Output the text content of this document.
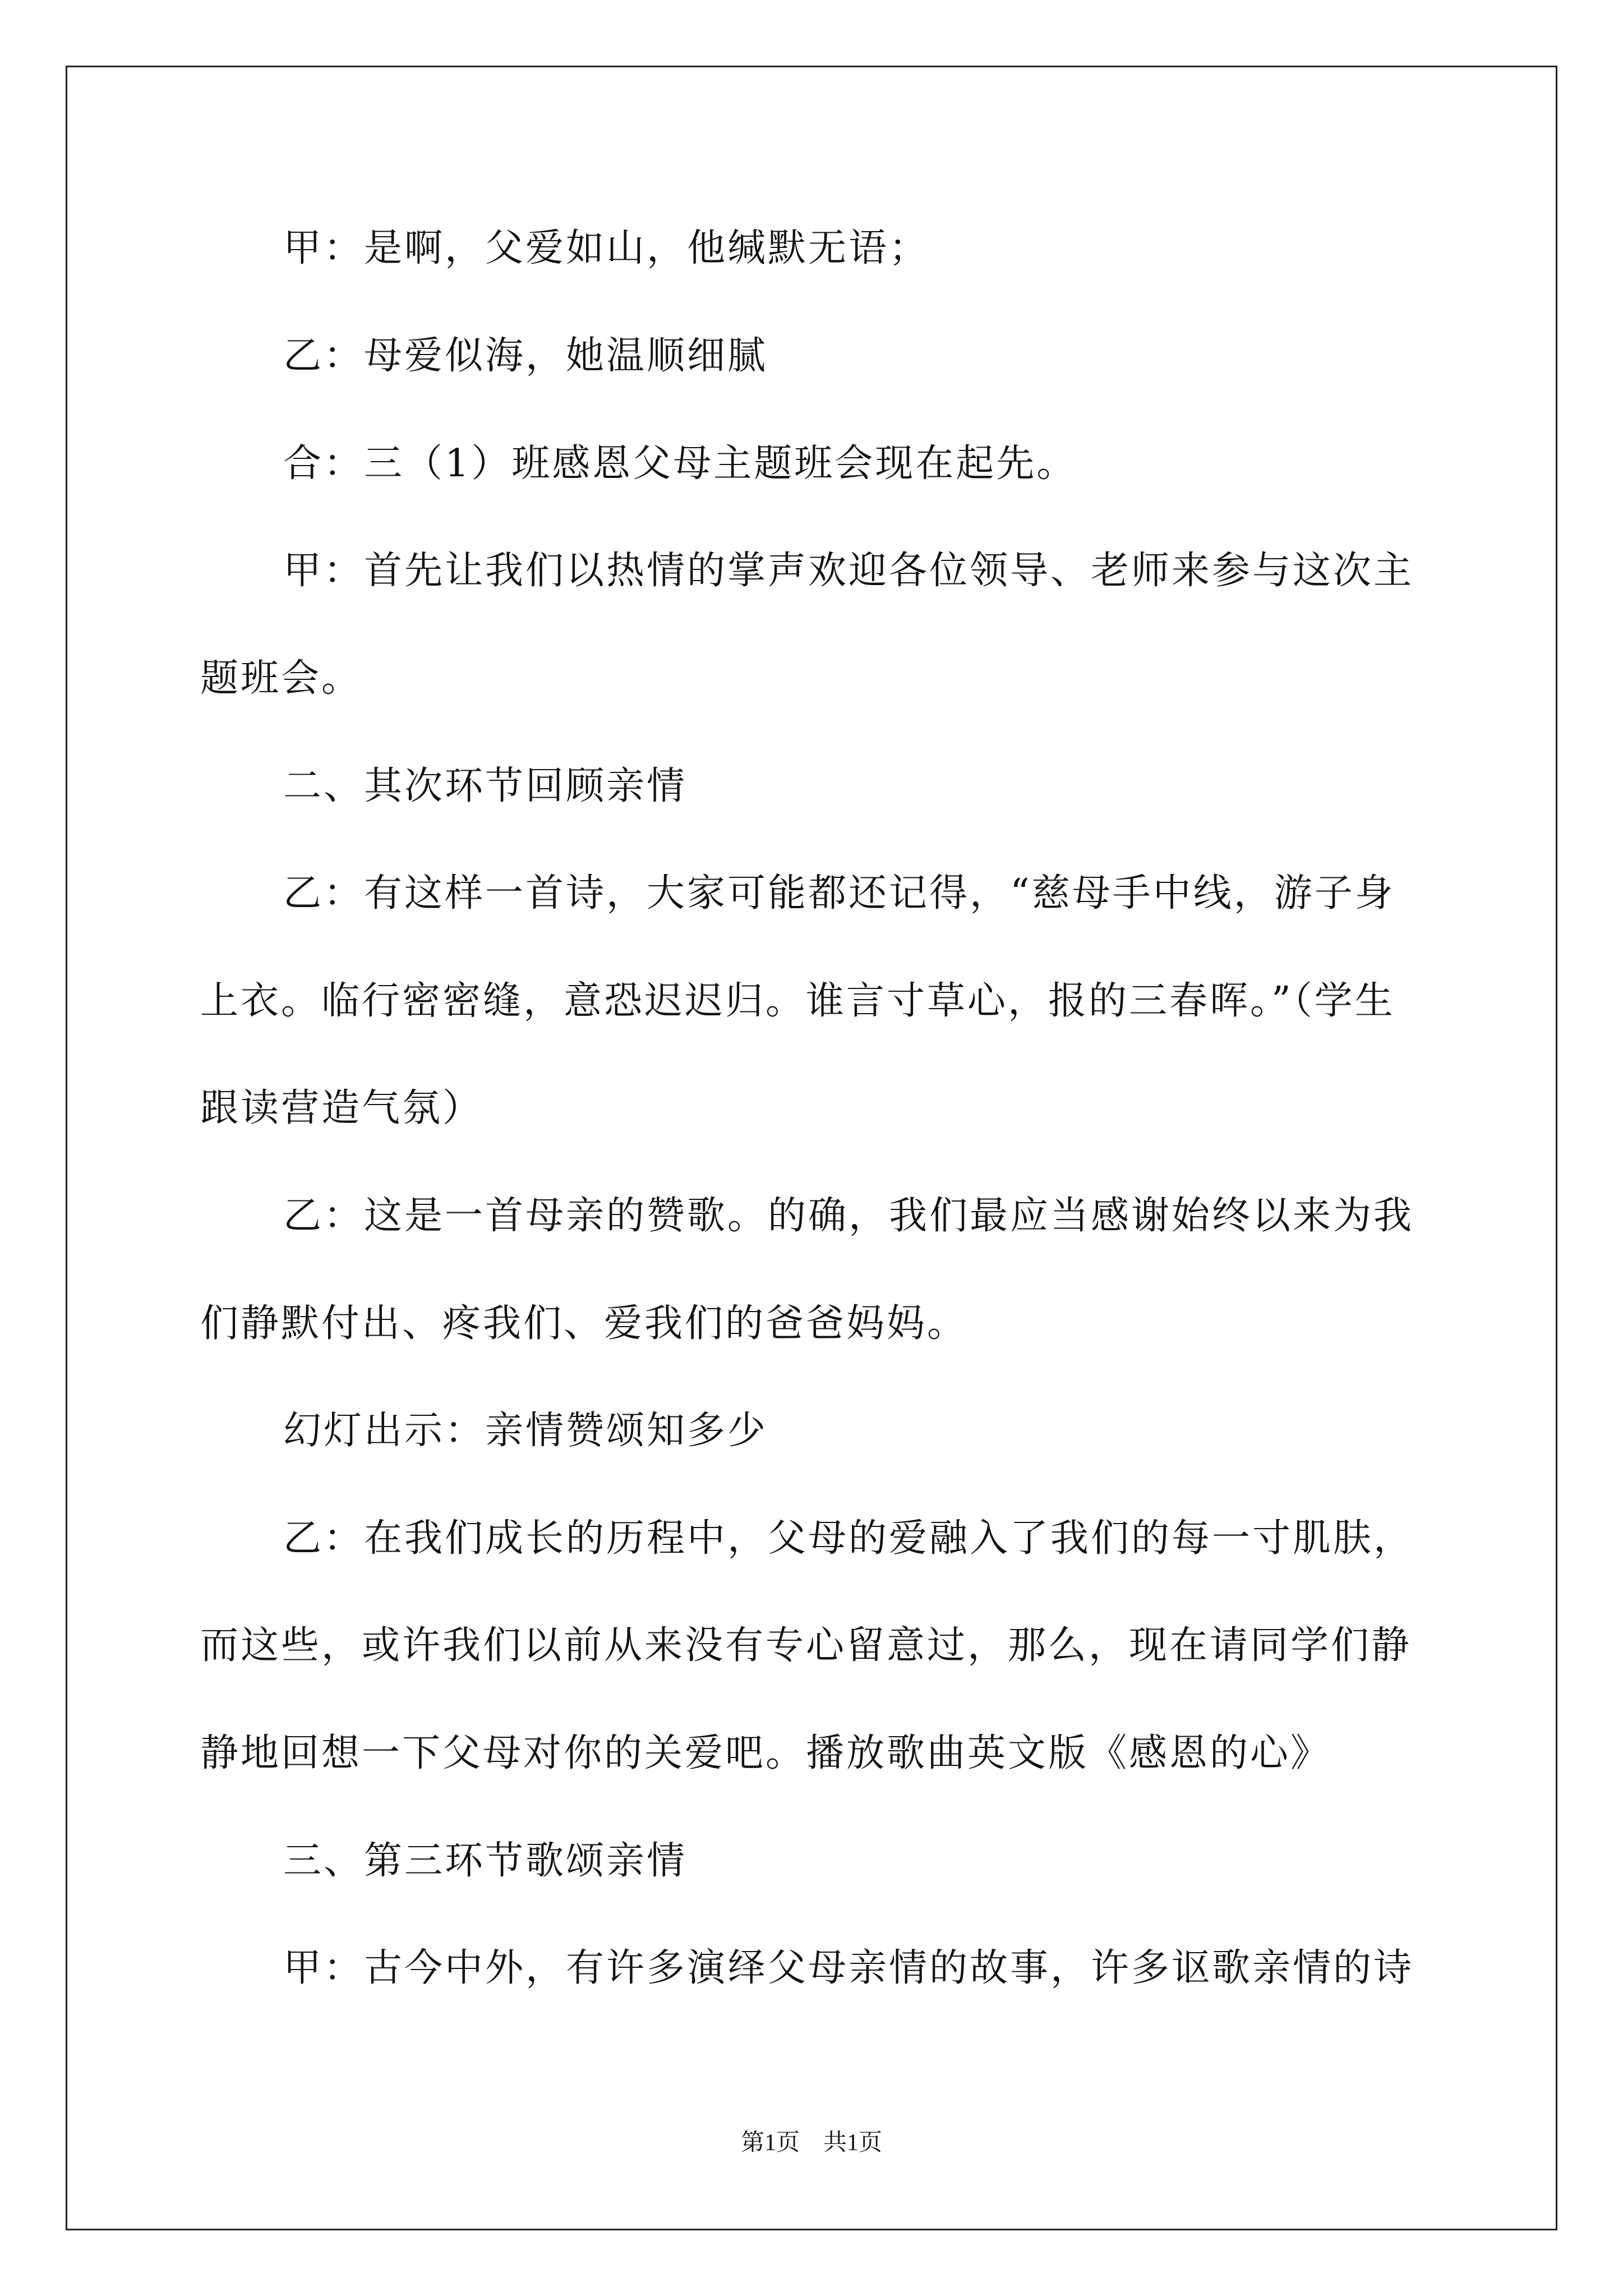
甲：是啊，父爱如山，他缄默无语；
乙：母爱似海，她温顺细腻
合：三（1）班感恩父母主题班会现在起先。
甲：首先让我们以热情的掌声欢迎各位领导、老师来参与这次主
题班会。
二、其次环节回顾亲情
乙：有这样一首诗，大家可能都还记得，“慈母手中线，游子身
上衣。临行密密缝，意恐迟迟归。谁言寸草心，报的三春晖。”（学生
跟读营造气氛）
乙：这是一首母亲的赞歌。的确，我们最应当感谢始终以来为我
们静默付出、疼我们、爱我们的爸爸妈妈。
幻灯出示：亲情赞颂知多少
乙：在我们成长的历程中，父母的爱融入了我们的每一寸肌肤，
而这些，或许我们以前从来没有专心留意过，那么，现在请同学们静
静地回想一下父母对你的关爱吧。播放歌曲英文版《感恩的心》
三、第三环节歌颂亲情
甲：古今中外，有许多演绎父母亲情的故事，许多讴歌亲情的诗
第1页　共1页
